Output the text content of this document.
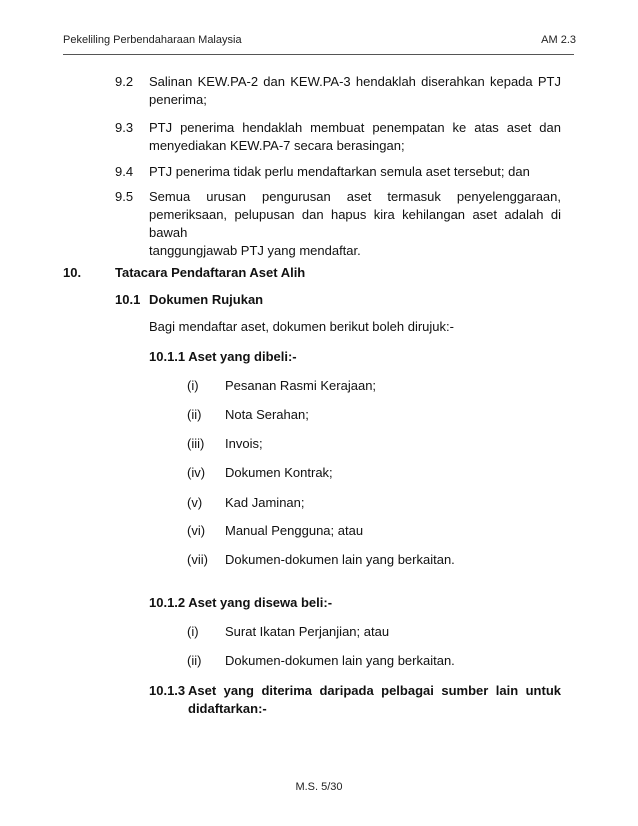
Pekeliling Perbendaharaan Malaysia	AM 2.3
9.2 Salinan KEW.PA-2 dan KEW.PA-3 hendaklah diserahkan kepada PTJ
penerima;
9.3 PTJ penerima hendaklah membuat penempatan ke atas aset dan
menyediakan KEW.PA-7 secara berasingan;
9.4 PTJ penerima tidak perlu mendaftarkan semula aset tersebut; dan
9.5 Semua urusan pengurusan aset termasuk penyelenggaraan,
pemeriksaan, pelupusan dan hapus kira kehilangan aset adalah di bawah
tanggungjawab PTJ yang mendaftar.
10.	Tatacara Pendaftaran Aset Alih
10.1 Dokumen Rujukan
Bagi mendaftar aset, dokumen berikut boleh dirujuk:-
10.1.1 Aset yang dibeli:-
(i) Pesanan Rasmi Kerajaan;
(ii) Nota Serahan;
(iii) Invois;
(iv) Dokumen Kontrak;
(v) Kad Jaminan;
(vi) Manual Pengguna; atau
(vii) Dokumen-dokumen lain yang berkaitan.
10.1.2 Aset yang disewa beli:-
(i) Surat Ikatan Perjanjian; atau
(ii) Dokumen-dokumen lain yang berkaitan.
10.1.3 Aset yang diterima daripada pelbagai sumber lain untuk
didaftarkan:-
M.S. 5/30
